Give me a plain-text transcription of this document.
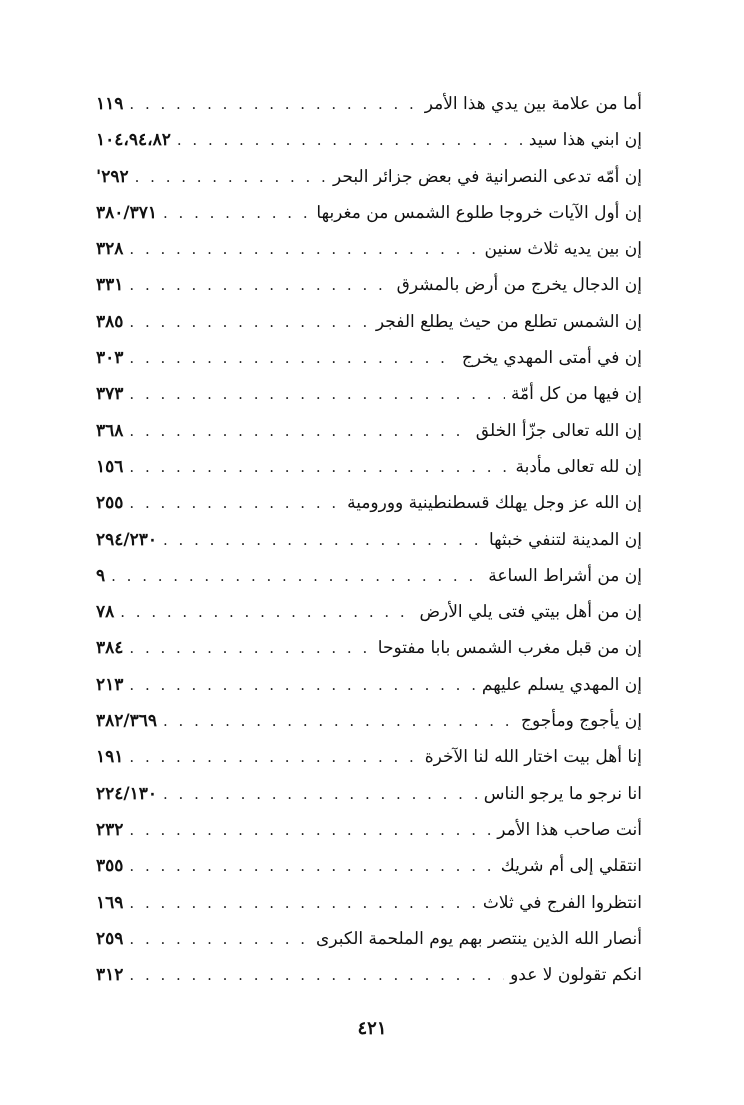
أما من علامة بين يدي هذا الأمر
. . .
١١٩
إن ابني هذا سيد
. . .
١٠٤،٩٤،٨٢
إن أمّه تدعى النصرانية في بعض جزائر البحر
. . .
٢٩٢'
إن أول الآيات خروجا طلوع الشمس من مغربها
. . .
٣٨٠/٣٧١
إن بين يديه ثلاث سنين
. . .
٣٢٨
إن الدجال يخرج من أرض بالمشرق
. . .
٣٣١
إن الشمس تطلع من حيث يطلع الفجر
. . .
٣٨٥
إن في أمتى المهدي يخرج
. . .
٣٠٣
إن فيها من كل أمّة
. . .
٣٧٣
إن الله تعالى جزّأ الخلق
. . .
٣٦٨
إن لله تعالى مأدبة
. . .
١٥٦
إن الله عز وجل يهلك قسطنطينية وورومية
. . .
٢٥٥
إن المدينة لتنفي خبثها
. . .
٢٩٤/٢٣٠
إن من أشراط الساعة
. . .
٩
إن من أهل بيتي فتى يلي الأرض
. . .
٧٨
إن من قبل مغرب الشمس بابا مفتوحا
. . .
٣٨٤
إن المهدي يسلم عليهم
. . .
٢١٣
إن يأجوج ومأجوج
. . .
٣٨٢/٣٦٩
إنا أهل بيت اختار الله لنا الآخرة
. . .
١٩١
انا نرجو ما يرجو الناس
. . .
٢٢٤/١٣٠
أنت صاحب هذا الأمر
. . .
٢٣٢
انتقلي إلى أم شريك
. . .
٣٥٥
انتظروا الفرج في ثلاث
. . .
١٦٩
أنصار الله الذين ينتصر بهم يوم الملحمة الكبرى
. . .
٢٥٩
انكم تقولون لا عدو
. . .
٣١٢
٤٢١
